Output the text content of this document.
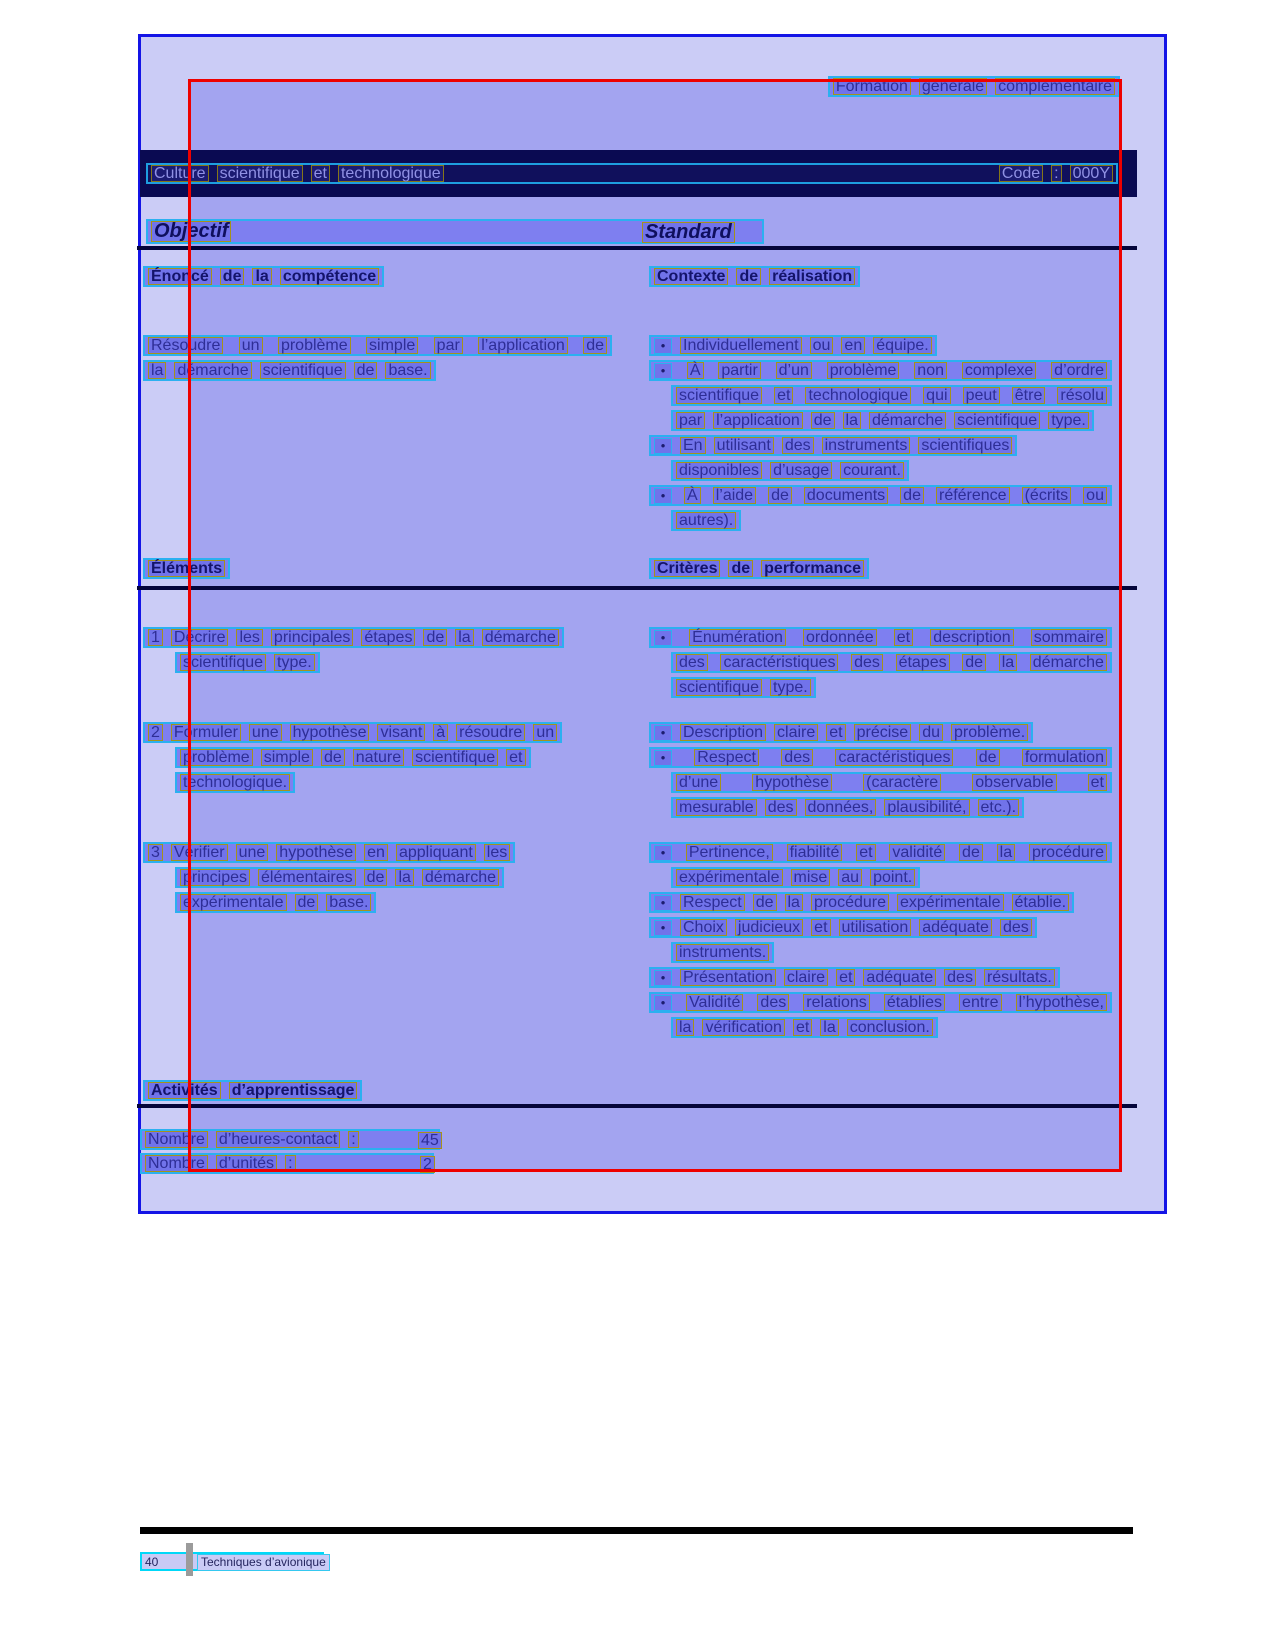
Formation générale complémentaire
Culture scientifique et technologique	Code : 000Y
Objectif	Standard
Énoncé de la compétence	Contexte de réalisation
Résoudre un problème simple par l’application de
la démarche scientifique de base.
•	Individuellement ou en équipe.
•	À partir d’un problème non complexe d’ordre
scientifique et technologique qui peut être résolu
par l’application de la démarche scientifique type.
•	En utilisant des instruments scientifiques
disponibles d’usage courant.
•	À l’aide de documents de référence (écrits ou
autres).
Éléments	Critères de performance
1 Décrire les principales étapes de la démarche
scientifique type.
•	Énumération ordonnée et description sommaire
des caractéristiques des étapes de la démarche
scientifique type.
2 Formuler une hypothèse visant à résoudre un
problème simple de nature scientifique et
technologique.
•	Description claire et précise du problème.
•	Respect des caractéristiques de formulation
d’une hypothèse (caractère observable et
mesurable des données, plausibilité, etc.).
3 Vérifier une hypothèse en appliquant les
principes élémentaires de la démarche
expérimentale de base.
•	Pertinence, fiabilité et validité de la procédure
expérimentale mise au point.
•	Respect de la procédure expérimentale établie.
•	Choix judicieux et utilisation adéquate des
instruments.
•	Présentation claire et adéquate des résultats.
•	Validité des relations établies entre l’hypothèse,
la vérification et la conclusion.
Activités d’apprentissage
Nombre d’heures-contact :	45
Nombre d’unités :	2
40	Techniques d’avionique
